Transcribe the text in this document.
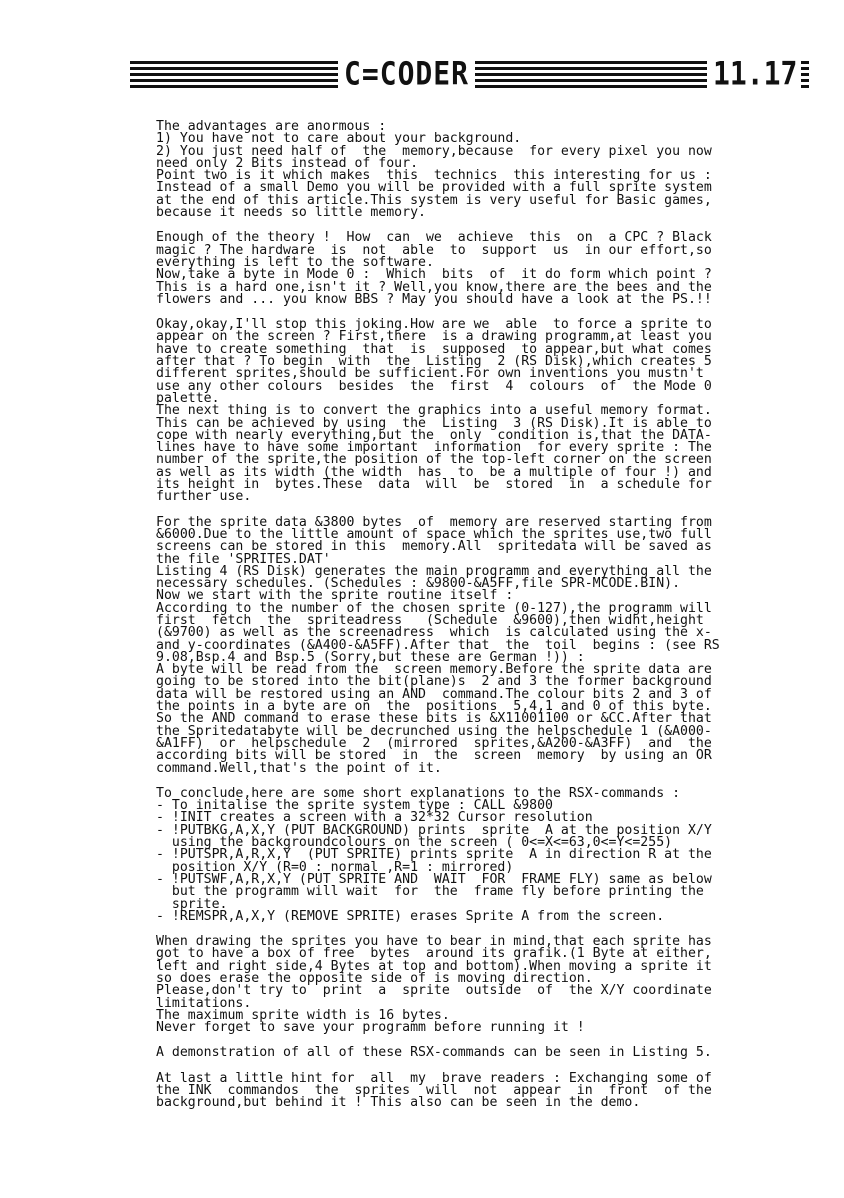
C=CODER	11.17
The advantages are anormous :
1) You have not to care about your background.
2) You just need half of  the  memory,because  for every pixel you now
need only 2 Bits instead of four.
Point two is it which makes  this  technics  this interesting for us :
Instead of a small Demo you will be provided with a full sprite system
at the end of this article.This system is very useful for Basic games,
because it needs so little memory.
Enough of the theory !  How  can  we  achieve  this  on  a CPC ? Black
magic ? The hardware  is  not  able  to  support  us  in our effort,so
everything is left to the software.
Now,take a byte in Mode 0 :  Which  bits  of  it do form which point ?
This is a hard one,isn't it ? Well,you know,there are the bees and the
flowers and ... you know BBS ? May you should have a look at the PS.!!
Okay,okay,I'll stop this joking.How are we  able  to force a sprite to
appear on the screen ? First,there  is a drawing programm,at least you
have to create something  that  is  supposed  to appear,but what comes
after that ? To begin  with  the  Listing  2 (RS Disk),which creates 5
different sprites,should be sufficient.For own inventions you mustn't
use any other colours  besides  the  first  4  colours  of  the Mode 0
palette.
The next thing is to convert the graphics into a useful memory format.
This can be achieved by using  the  Listing  3 (RS Disk).It is able to
cope with nearly everything,but the  only  condition is,that the DATA-
lines have to have some important  information  for every sprite : The
number of the sprite,the position of the top-left corner on the screen
as well as its width (the width  has  to  be a multiple of four !) and
its height in  bytes.These  data  will  be  stored  in  a schedule for
further use.
For the sprite data &3800 bytes  of  memory are reserved starting from
&6000.Due to the little amount of space which the sprites use,two full
screens can be stored in this  memory.All  spritedata will be saved as
the file 'SPRITES.DAT'
Listing 4 (RS Disk) generates the main programm and everything all the
necessary schedules. (Schedules : &9800-&A5FF,file SPR-MCODE.BIN).
Now we start with the sprite routine itself :
According to the number of the chosen sprite (0-127),the programm will
first  fetch  the  spriteadress   (Schedule  &9600),then widht,height
(&9700) as well as the screenadress  which  is calculated using the x-
and y-coordinates (&A400-&A5FF).After that  the  toil  begins : (see RS
9.08,Bsp.4 and Bsp.5 (Sorry,but these are German !)) :
A byte will be read from the  screen memory.Before the sprite data are
going to be stored into the bit(plane)s  2 and 3 the former background
data will be restored using an AND  command.The colour bits 2 and 3 of
the points in a byte are on  the  positions  5,4,1 and 0 of this byte.
So the AND command to erase these bits is &X11001100 or &CC.After that
the Spritedatabyte will be decrunched using the helpschedule 1 (&A000-
&A1FF)  or  helpschedule  2  (mirrored  sprites,&A200-&A3FF)  and  the
according bits will be stored  in  the  screen  memory  by using an OR
command.Well,that's the point of it.
To conclude,here are some short explanations to the RSX-commands :
- To initalise the sprite system type : CALL &9800
- !INIT creates a screen with a 32*32 Cursor resolution
- !PUTBKG,A,X,Y (PUT BACKGROUND) prints  sprite  A at the position X/Y
using the backgroundcolours on the screen ( 0<=X<=63,0<=Y<=255)
- !PUTSPR,A,R,X,Y  (PUT SPRITE) prints sprite  A in direction R at the
position X/Y (R=0 : normal ,R=1 : mirrored)
- !PUTSWF,A,R,X,Y (PUT SPRITE AND  WAIT  FOR  FRAME FLY) same as below
but the programm will wait  for  the  frame fly before printing the
sprite.
- !REMSPR,A,X,Y (REMOVE SPRITE) erases Sprite A from the screen.
When drawing the sprites you have to bear in mind,that each sprite has
got to have a box of free  bytes  around its grafik.(1 Byte at either,
left and right side,4 Bytes at top and bottom).When moving a sprite it
so does erase the opposite side of is moving direction.
Please,don't try to  print  a  sprite  outside  of  the X/Y coordinate
limitations.
The maximum sprite width is 16 bytes.
Never forget to save your programm before running it !
A demonstration of all of these RSX-commands can be seen in Listing 5.
At last a little hint for  all  my  brave readers : Exchanging some of
the INK  commandos  the  sprites  will  not  appear  in  front  of the
background,but behind it ! This also can be seen in the demo.
